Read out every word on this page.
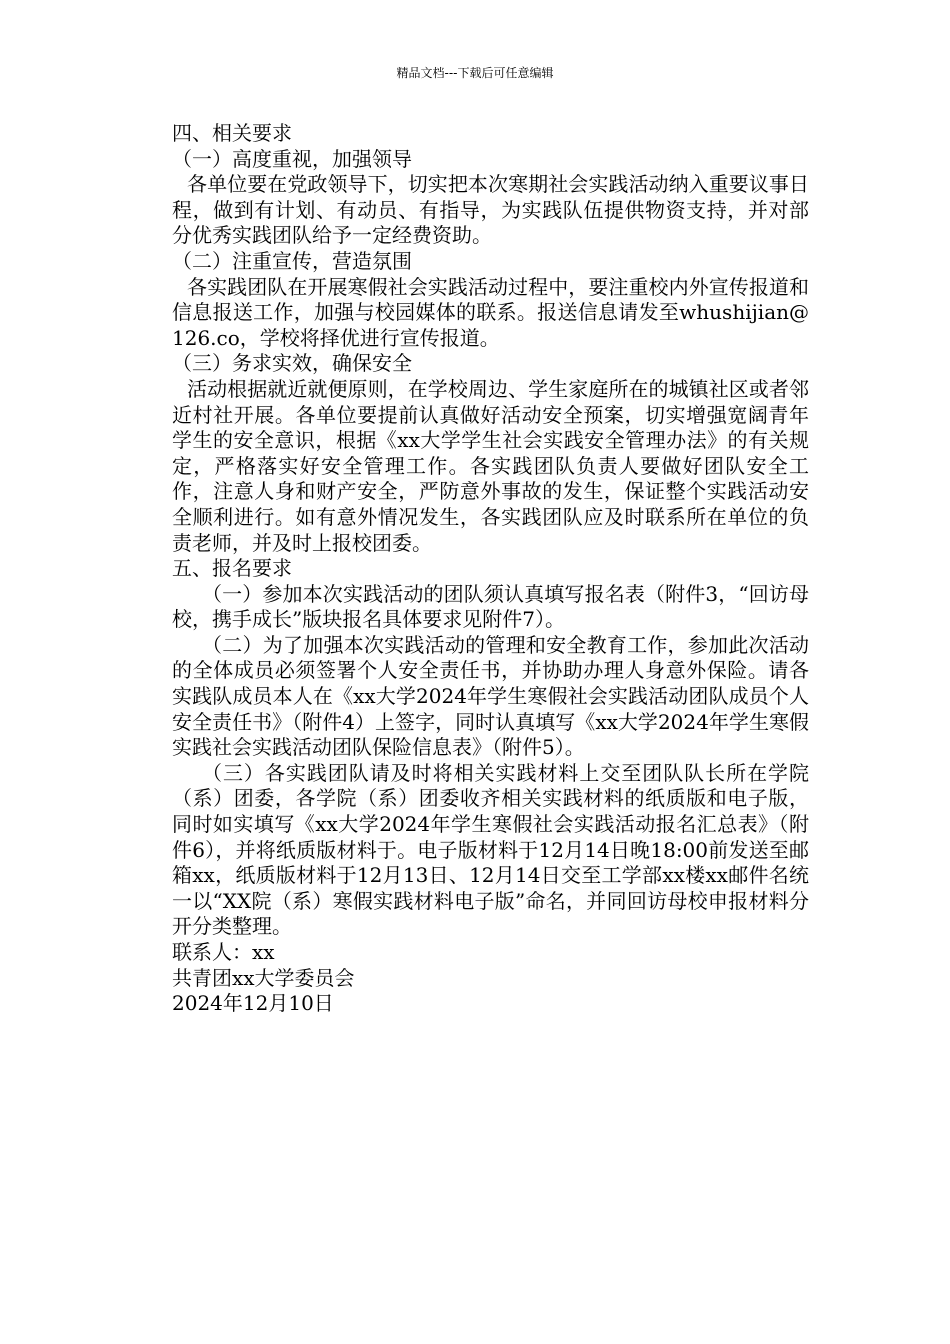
精品文档---下载后可任意编辑

四、相关要求

（一）高度重视，加强领导

各单位要在党政领导下，切实把本次寒期社会实践活动纳入重要议事日程，做到有计划、有动员、有指导，为实践队伍提供物资支持，并对部分优秀实践团队给予一定经费资助。

（二）注重宣传，营造氛围

各实践团队在开展寒假社会实践活动过程中，要注重校内外宣传报道和信息报送工作，加强与校园媒体的联系。报送信息请发至whushijian@126.co，学校将择优进行宣传报道。

（三）务求实效，确保安全

活动根据就近就便原则，在学校周边、学生家庭所在的城镇社区或者邻近村社开展。各单位要提前认真做好活动安全预案，切实增强宽阔青年学生的安全意识，根据《xx大学学生社会实践安全管理办法》的有关规定，严格落实好安全管理工作。各实践团队负责人要做好团队安全工作，注意人身和财产安全，严防意外事故的发生，保证整个实践活动安全顺利进行。如有意外情况发生，各实践团队应及时联系所在单位的负责老师，并及时上报校团委。

五、报名要求

（一）参加本次实践活动的团队须认真填写报名表（附件3，“回访母校，携手成长”版块报名具体要求见附件7）。

（二）为了加强本次实践活动的管理和安全教育工作，参加此次活动的全体成员必须签署个人安全责任书，并协助办理人身意外保险。请各实践队成员本人在《xx大学2024年学生寒假社会实践活动团队成员个人安全责任书》（附件4）上签字，同时认真填写《xx大学2024年学生寒假实践社会实践活动团队保险信息表》（附件5）。

（三）各实践团队请及时将相关实践材料上交至团队队长所在学院（系）团委，各学院（系）团委收齐相关实践材料的纸质版和电子版，同时如实填写《xx大学2024年学生寒假社会实践活动报名汇总表》（附件6），并将纸质版材料于。电子版材料于12月14日晚18:00前发送至邮箱xx，纸质版材料于12月13日、12月14日交至工学部xx楼xx邮件名统一以“XX院（系）寒假实践材料电子版”命名，并同回访母校申报材料分开分类整理。

联系人：xx

共青团xx大学委员会

2024年12月10日
